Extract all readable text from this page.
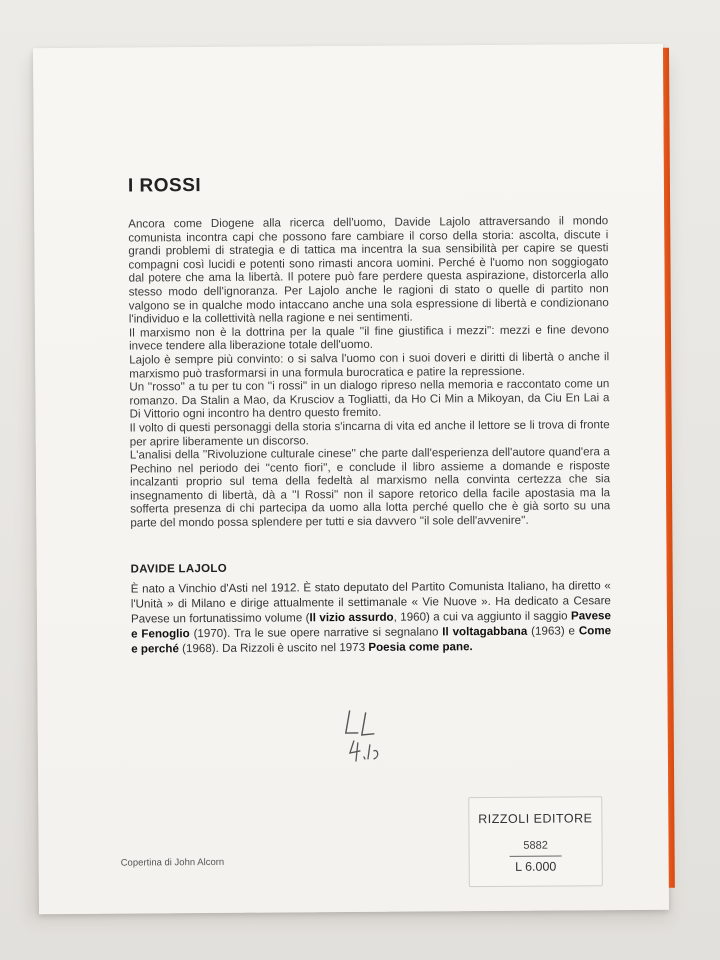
I ROSSI

Ancora come Diogene alla ricerca dell'uomo, Davide Lajolo attraversando il mondo comunista incontra capi che possono fare cambiare il corso della storia: ascolta, discute i grandi problemi di strategia e di tattica ma incentra la sua sensibilità per capire se questi compagni così lucidi e potenti sono rimasti ancora uomini. Perché è l'uomo non soggiogato dal potere che ama la libertà. Il potere può fare perdere questa aspirazione, distorcerla allo stesso modo dell'ignoranza. Per Lajolo anche le ragioni di stato o quelle di partito non valgono se in qualche modo intaccano anche una sola espressione di libertà e condizionano l'individuo e la collettività nella ragione e nei sentimenti.

Il marxismo non è la dottrina per la quale ''il fine giustifica i mezzi'': mezzi e fine devono invece tendere alla liberazione totale dell'uomo.

Lajolo è sempre più convinto: o si salva l'uomo con i suoi doveri e diritti di libertà o anche il marxismo può trasformarsi in una formula burocratica e patire la repressione.

Un ''rosso'' a tu per tu con ''i rossi'' in un dialogo ripreso nella memoria e raccontato come un romanzo. Da Stalin a Mao, da Krusciov a Togliatti, da Ho Ci Min a Mikoyan, da Ciu En Lai a Di Vittorio ogni incontro ha dentro questo fremito.

Il volto di questi personaggi della storia s'incarna di vita ed anche il lettore se li trova di fronte per aprire liberamente un discorso.

L'analisi della ''Rivoluzione culturale cinese'' che parte dall'esperienza dell'autore quand'era a Pechino nel periodo dei ''cento fiori'', e conclude il libro assieme a domande e risposte incalzanti proprio sul tema della fedeltà al marxismo nella convinta certezza che sia insegnamento di libertà, dà a ''I Rossi'' non il sapore retorico della facile apostasia ma la sofferta presenza di chi partecipa da uomo alla lotta perché quello che è già sorto su una parte del mondo possa splendere per tutti e sia davvero ''il sole dell'avvenire''.

DAVIDE LAJOLO
È nato a Vinchio d'Asti nel 1912. È stato deputato del Partito Comunista Italiano, ha diretto « l'Unità » di Milano e dirige attualmente il settimanale « Vie Nuove ». Ha dedicato a Cesare Pavese un fortunatissimo volume (Il vizio assurdo, 1960) a cui va aggiunto il saggio Pavese e Fenoglio (1970). Tra le sue opere narrative si segnalano Il voltagabbana (1963) e Come e perché (1968). Da Rizzoli è uscito nel 1973 Poesia come pane.
Copertina di John Alcorn
RIZZOLI EDITORE
5882
L 6.000
